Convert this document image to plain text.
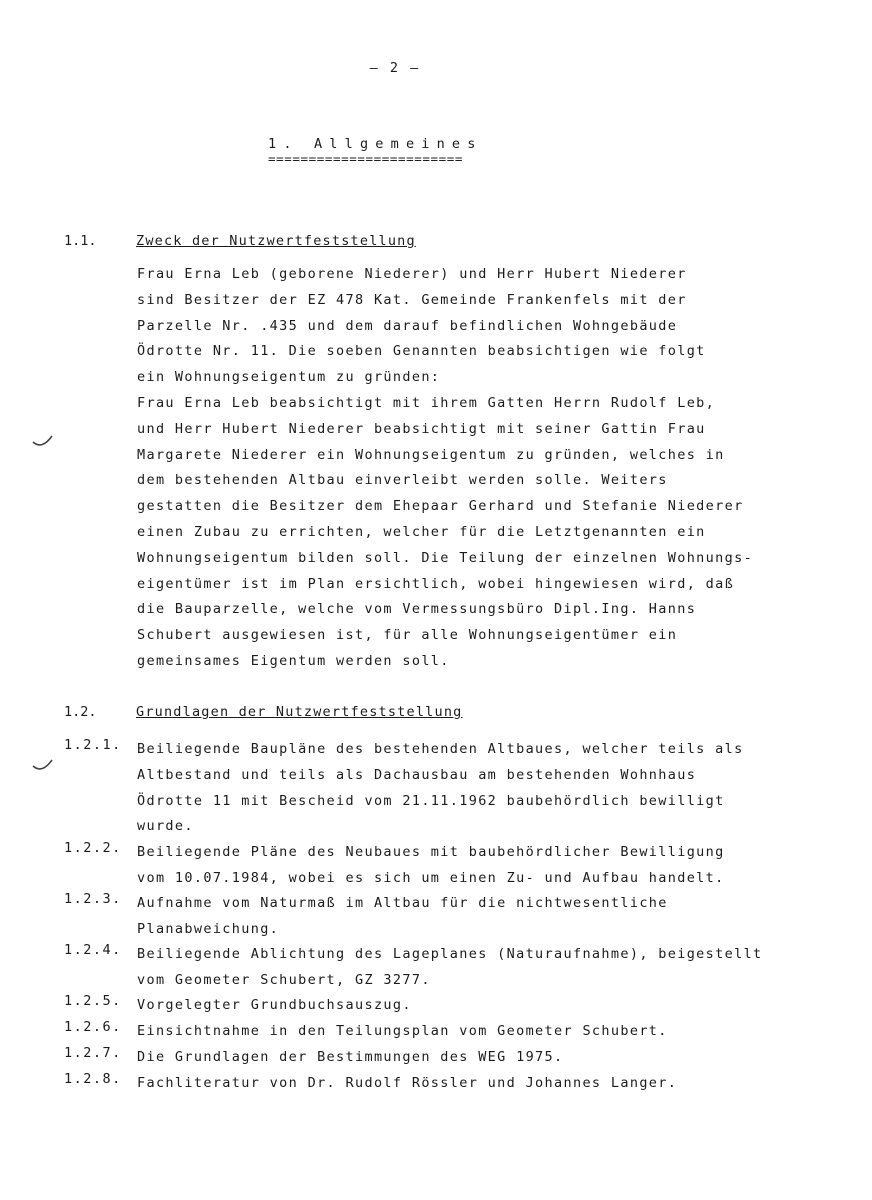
– 2 –
1. Allgemeines
========================
1.1.	Zweck der Nutzwertfeststellung
Frau Erna Leb (geborene Niederer) und Herr Hubert Niederer
sind Besitzer der EZ 478 Kat. Gemeinde Frankenfels mit der
Parzelle Nr. .435 und dem darauf befindlichen Wohngebäude
Ödrotte Nr. 11. Die soeben Genannten beabsichtigen wie folgt
ein Wohnungseigentum zu gründen:
Frau Erna Leb beabsichtigt mit ihrem Gatten Herrn Rudolf Leb,
und Herr Hubert Niederer beabsichtigt mit seiner Gattin Frau
Margarete Niederer ein Wohnungseigentum zu gründen, welches in
dem bestehenden Altbau einverleibt werden solle. Weiters
gestatten die Besitzer dem Ehepaar Gerhard und Stefanie Niederer
einen Zubau zu errichten, welcher für die Letztgenannten ein
Wohnungseigentum bilden soll. Die Teilung der einzelnen Wohnungs-
eigentümer ist im Plan ersichtlich, wobei hingewiesen wird, daß
die Bauparzelle, welche vom Vermessungsbüro Dipl.Ing. Hanns
Schubert ausgewiesen ist, für alle Wohnungseigentümer ein
gemeinsames Eigentum werden soll.
1.2.	Grundlagen der Nutzwertfeststellung
1.2.1. Beiliegende Baupläne des bestehenden Altbaues, welcher teils als
Altbestand und teils als Dachausbau am bestehenden Wohnhaus
Ödrotte 11 mit Bescheid vom 21.11.1962 baubehördlich bewilligt
wurde.
1.2.2. Beiliegende Pläne des Neubaues mit baubehördlicher Bewilligung
vom 10.07.1984, wobei es sich um einen Zu- und Aufbau handelt.
1.2.3. Aufnahme vom Naturmaß im Altbau für die nichtwesentliche
Planabweichung.
1.2.4. Beiliegende Ablichtung des Lageplanes (Naturaufnahme), beigestellt
vom Geometer Schubert, GZ 3277.
1.2.5. Vorgelegter Grundbuchsauszug.
1.2.6. Einsichtnahme in den Teilungsplan vom Geometer Schubert.
1.2.7. Die Grundlagen der Bestimmungen des WEG 1975.
1.2.8. Fachliteratur von Dr. Rudolf Rössler und Johannes Langer.
